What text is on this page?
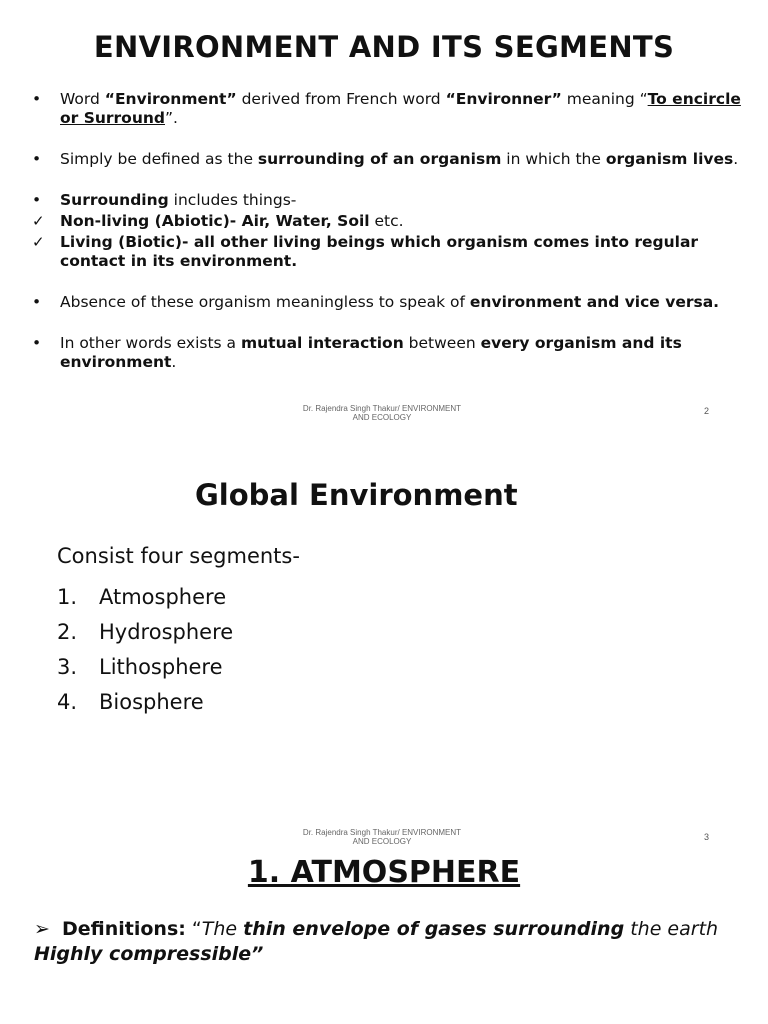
ENVIRONMENT AND ITS SEGMENTS

•	Word “Environment” derived from French word “Environner” meaning “To encircle or Surround”.

•	Simply be defined as the surrounding of an organism in which the organism lives.

•	Surrounding includes things-

✓ Non-living (Abiotic)- Air, Water, Soil etc.

✓ Living (Biotic)- all other living beings which organism comes into regular contact in its environment.

•	Absence of these organism meaningless to speak of environment and vice versa.

•	In other words exists a mutual interaction between every organism and its environment.

Dr. Rajendra Singh Thakur/ ENVIRONMENT
AND ECOLOGY
2
Global Environment
Consist four segments-
1.	Atmosphere
2.	Hydrosphere
3.	Lithosphere
4.	Biosphere
Dr. Rajendra Singh Thakur/ ENVIRONMENT
AND ECOLOGY	3
1. ATMOSPHERE
➢ Definitions: “The thin envelope of gases surrounding the earth Highly compressible”
